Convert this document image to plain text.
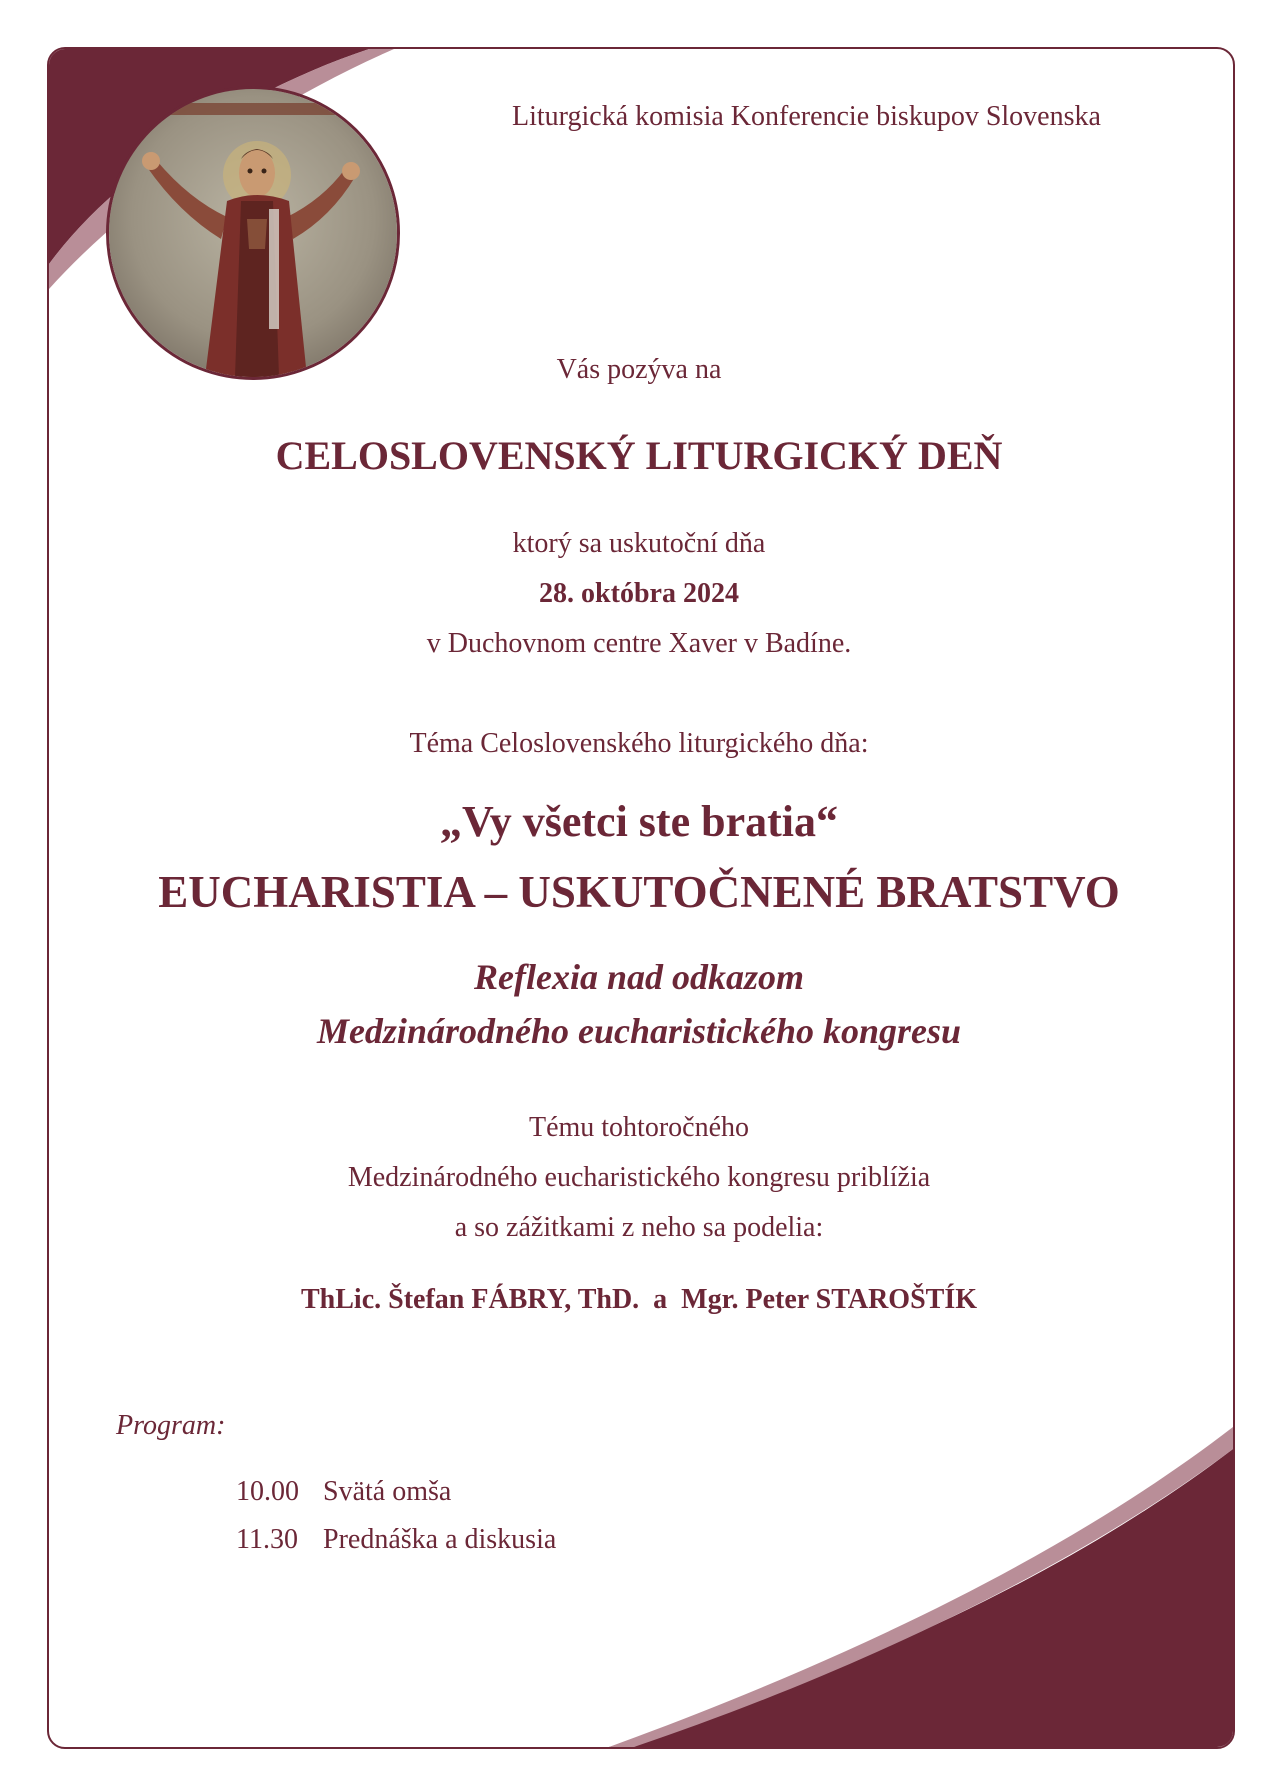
Liturgická komisia Konferencie biskupov Slovenska
Vás pozýva na
CELOSLOVENSKÝ LITURGICKÝ DEŇ
ktorý sa uskutoční dňa
28. októbra 2024
v Duchovnom centre Xaver v Badíne.
Téma Celoslovenského liturgického dňa:
„Vy všetci ste bratia“
EUCHARISTIA – USKUTOČNENÉ BRATSTVO
Reflexia nad odkazom
Medzinárodného eucharistického kongresu
Tému tohtoročného
Medzinárodného eucharistického kongresu priblížia
a so zážitkami z neho sa podelia:
ThLic. Štefan FÁBRY, ThD.  a  Mgr. Peter STAROŠTÍK
Program:
10.00 Svätá omša
11.30 Prednáška a diskusia
